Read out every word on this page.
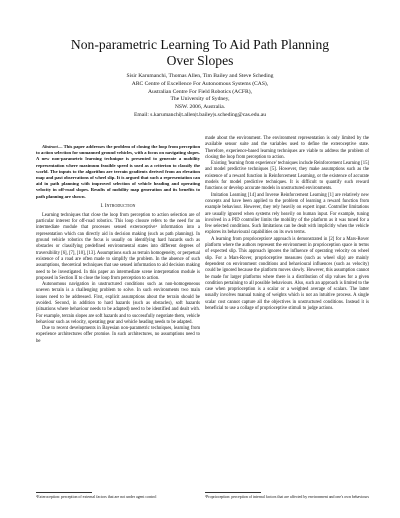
Non-parametric Learning To Aid Path Planning
Over Slopes
Sisir Karumanchi, Thomas Allen, Tim Bailey and Steve Scheding
ARC Centre of Excellence For Autonomous Systems (CAS),
Australian Centre For Field Robotics (ACFR),
The University of Sydney,
NSW. 2006, Australia.
Email: s.karumanchi|t.allen|t.bailey|s.scheding@cas.edu.au

Abstract— This paper addresses the problem of closing the loop from perception to action selection for unmanned ground vehicles, with a focus on navigating slopes. A new non-parametric learning technique is presented to generate a mobility representation where maximum feasible speed is used as a criterion to classify the world. The inputs to the algorithm are terrain gradients derived from an elevation map and past observations of wheel slip. It is argued that such a representation can aid in path planning with improved selection of vehicle heading and operating velocity in off-road slopes. Results of mobility map generation and its benefits to path planning are shown.

I. Introduction

Learning techniques that close the loop from perception to action selection are of particular interest for off-road robotics. This loop closure refers to the need for an intermediate module that processes sensed exteroceptive¹ information into a representation which can directly aid in decision making (such as path planning). In ground vehicle robotics the focus is usually on identifying hard hazards such as obstacles or classifying predefined environmental states into different degrees of traversibility [6], [7], [10], [13]. Assumptions such as terrain homogeneity, or perpetual existence of a road are often made to simplify the problem. In the absence of such assumptions, theoretical techniques that use sensed information to aid decision making need to be investigated. In this paper an intermediate scene interpretation module is proposed in Section II to close the loop from perception to action.

Autonomous navigation in unstructured conditions such as non-homogeneous uneven terrain is a challenging problem to solve. In such environments two main issues need to be addressed. First, explicit assumptions about the terrain should be avoided. Second, in addition to hard hazards (such as obstacles), soft hazards (situations where behaviour needs to be adapted) need to be identified and dealt with. For example, terrain slopes are soft hazards and to successfully negotiate them, vehicle behaviour such as velocity, operating gear and vehicle heading needs to be adapted.

Due to recent developments in Bayesian non-parametric techniques, learning from experience architectures offer promise. In such architectures, no assumptions need to be

made about the environment. The environment representation is only limited by the available sensor suite and the variables used to define the exteroceptive state. Therefore, experience-based learning techniques are viable to address the problem of closing the loop from perception to action.

Existing 'learning from experience' techniques include Reinforcement Learning [15] and model predictive techniques [5]. However, they make assumptions such as the existence of a reward function in Reinforcement Learning, or the existence of accurate models for model predictive techniques. It is difficult to quantify such reward functions or develop accurate models in unstructured environments.

Imitation Learning [14] and Inverse Reinforcement Learning [1] are relatively new concepts and have been applied to the problem of learning a reward function from example behaviour. However, they rely heavily on expert input. Controller limitations are usually ignored when systems rely heavily on human input. For example, tuning involved in a PID controller limits the mobility of the platform as it was tuned for a few selected conditions. Such limitations can be dealt with implicitly when the vehicle explores its behavioural capabilities on its own terms.

A learning from proprioception² approach is demonstrated in [2] for a Mars-Rover platform where the authors represent the environment in proprioception space in terms of expected slip. This approach ignores the influence of operating velocity on wheel slip. For a Mars-Rover, proprioceptive measures (such as wheel slip) are mainly dependent on environment conditions and behavioural influences (such as velocity) could be ignored because the platform moves slowly. However, this assumption cannot be made for larger platforms where there is a distribution of slip values for a given condition pertaining to all possible behaviours. Also, such an approach is limited to the case when proprioception is a scalar or a weighted average of scalars. The latter usually involves manual tuning of weights which is not an intuitive process. A single scalar cost cannot capture all the objectives in unstructured conditions. Instead it is beneficial to use a collage of proprioceptive stimuli to judge actions.

¹Exteroception: perception of external factors that are not under agent control	²Proprioception: perception of internal factors that are affected by environment and one's own behaviours
